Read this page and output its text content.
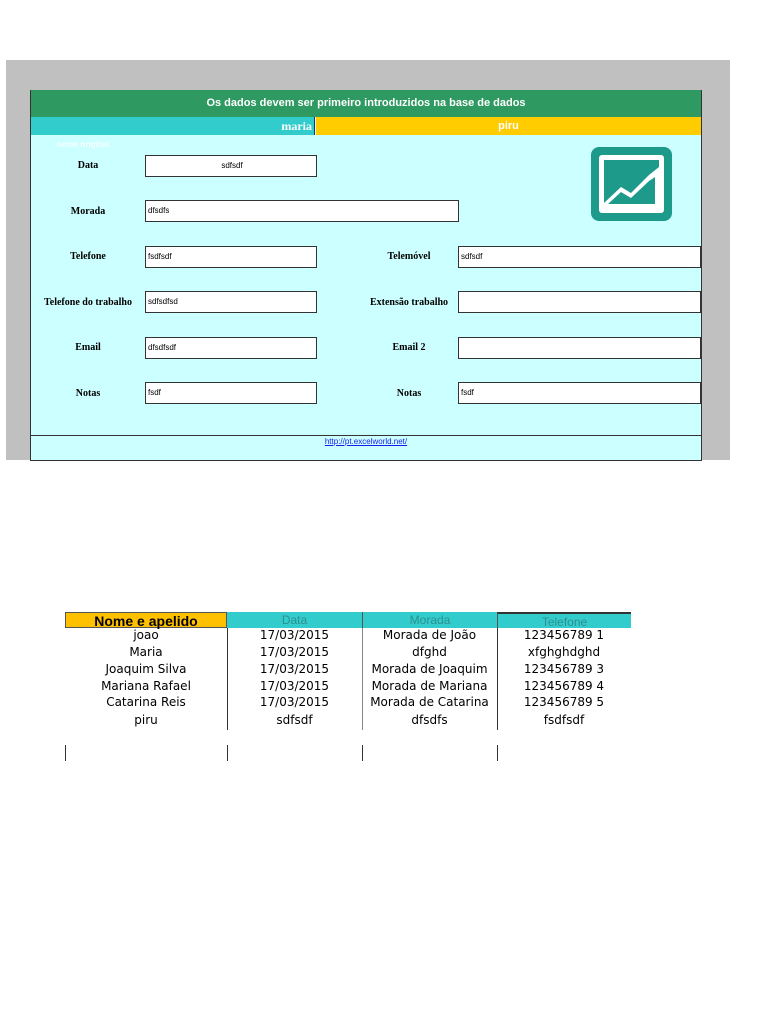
Os dados devem ser primeiro introduzidos na base de dados
maria	piru
nome original
Data	sdfsdf
Morada	dfsdfs
Telefone	fsdfsdf	Telemóvel	sdfsdf
Telefone do trabalho	sdfsdfsd	Extensão trabalho
Email	dfsdfsdf	Email 2
Notas	fsdf	Notas	fsdf
http://pt.excelworld.net/
Nome e apelido	Data	Morada	Telefone
joao	17/03/2015	Morada de João	123456789 1
Maria	17/03/2015	dfghd	xfghghdghd
Joaquim Silva	17/03/2015	Morada de Joaquim	123456789 3
Mariana Rafael	17/03/2015	Morada de Mariana	123456789 4
Catarina Reis	17/03/2015	Morada de Catarina	123456789 5
piru	sdfsdf	dfsdfs	fsdfsdf
